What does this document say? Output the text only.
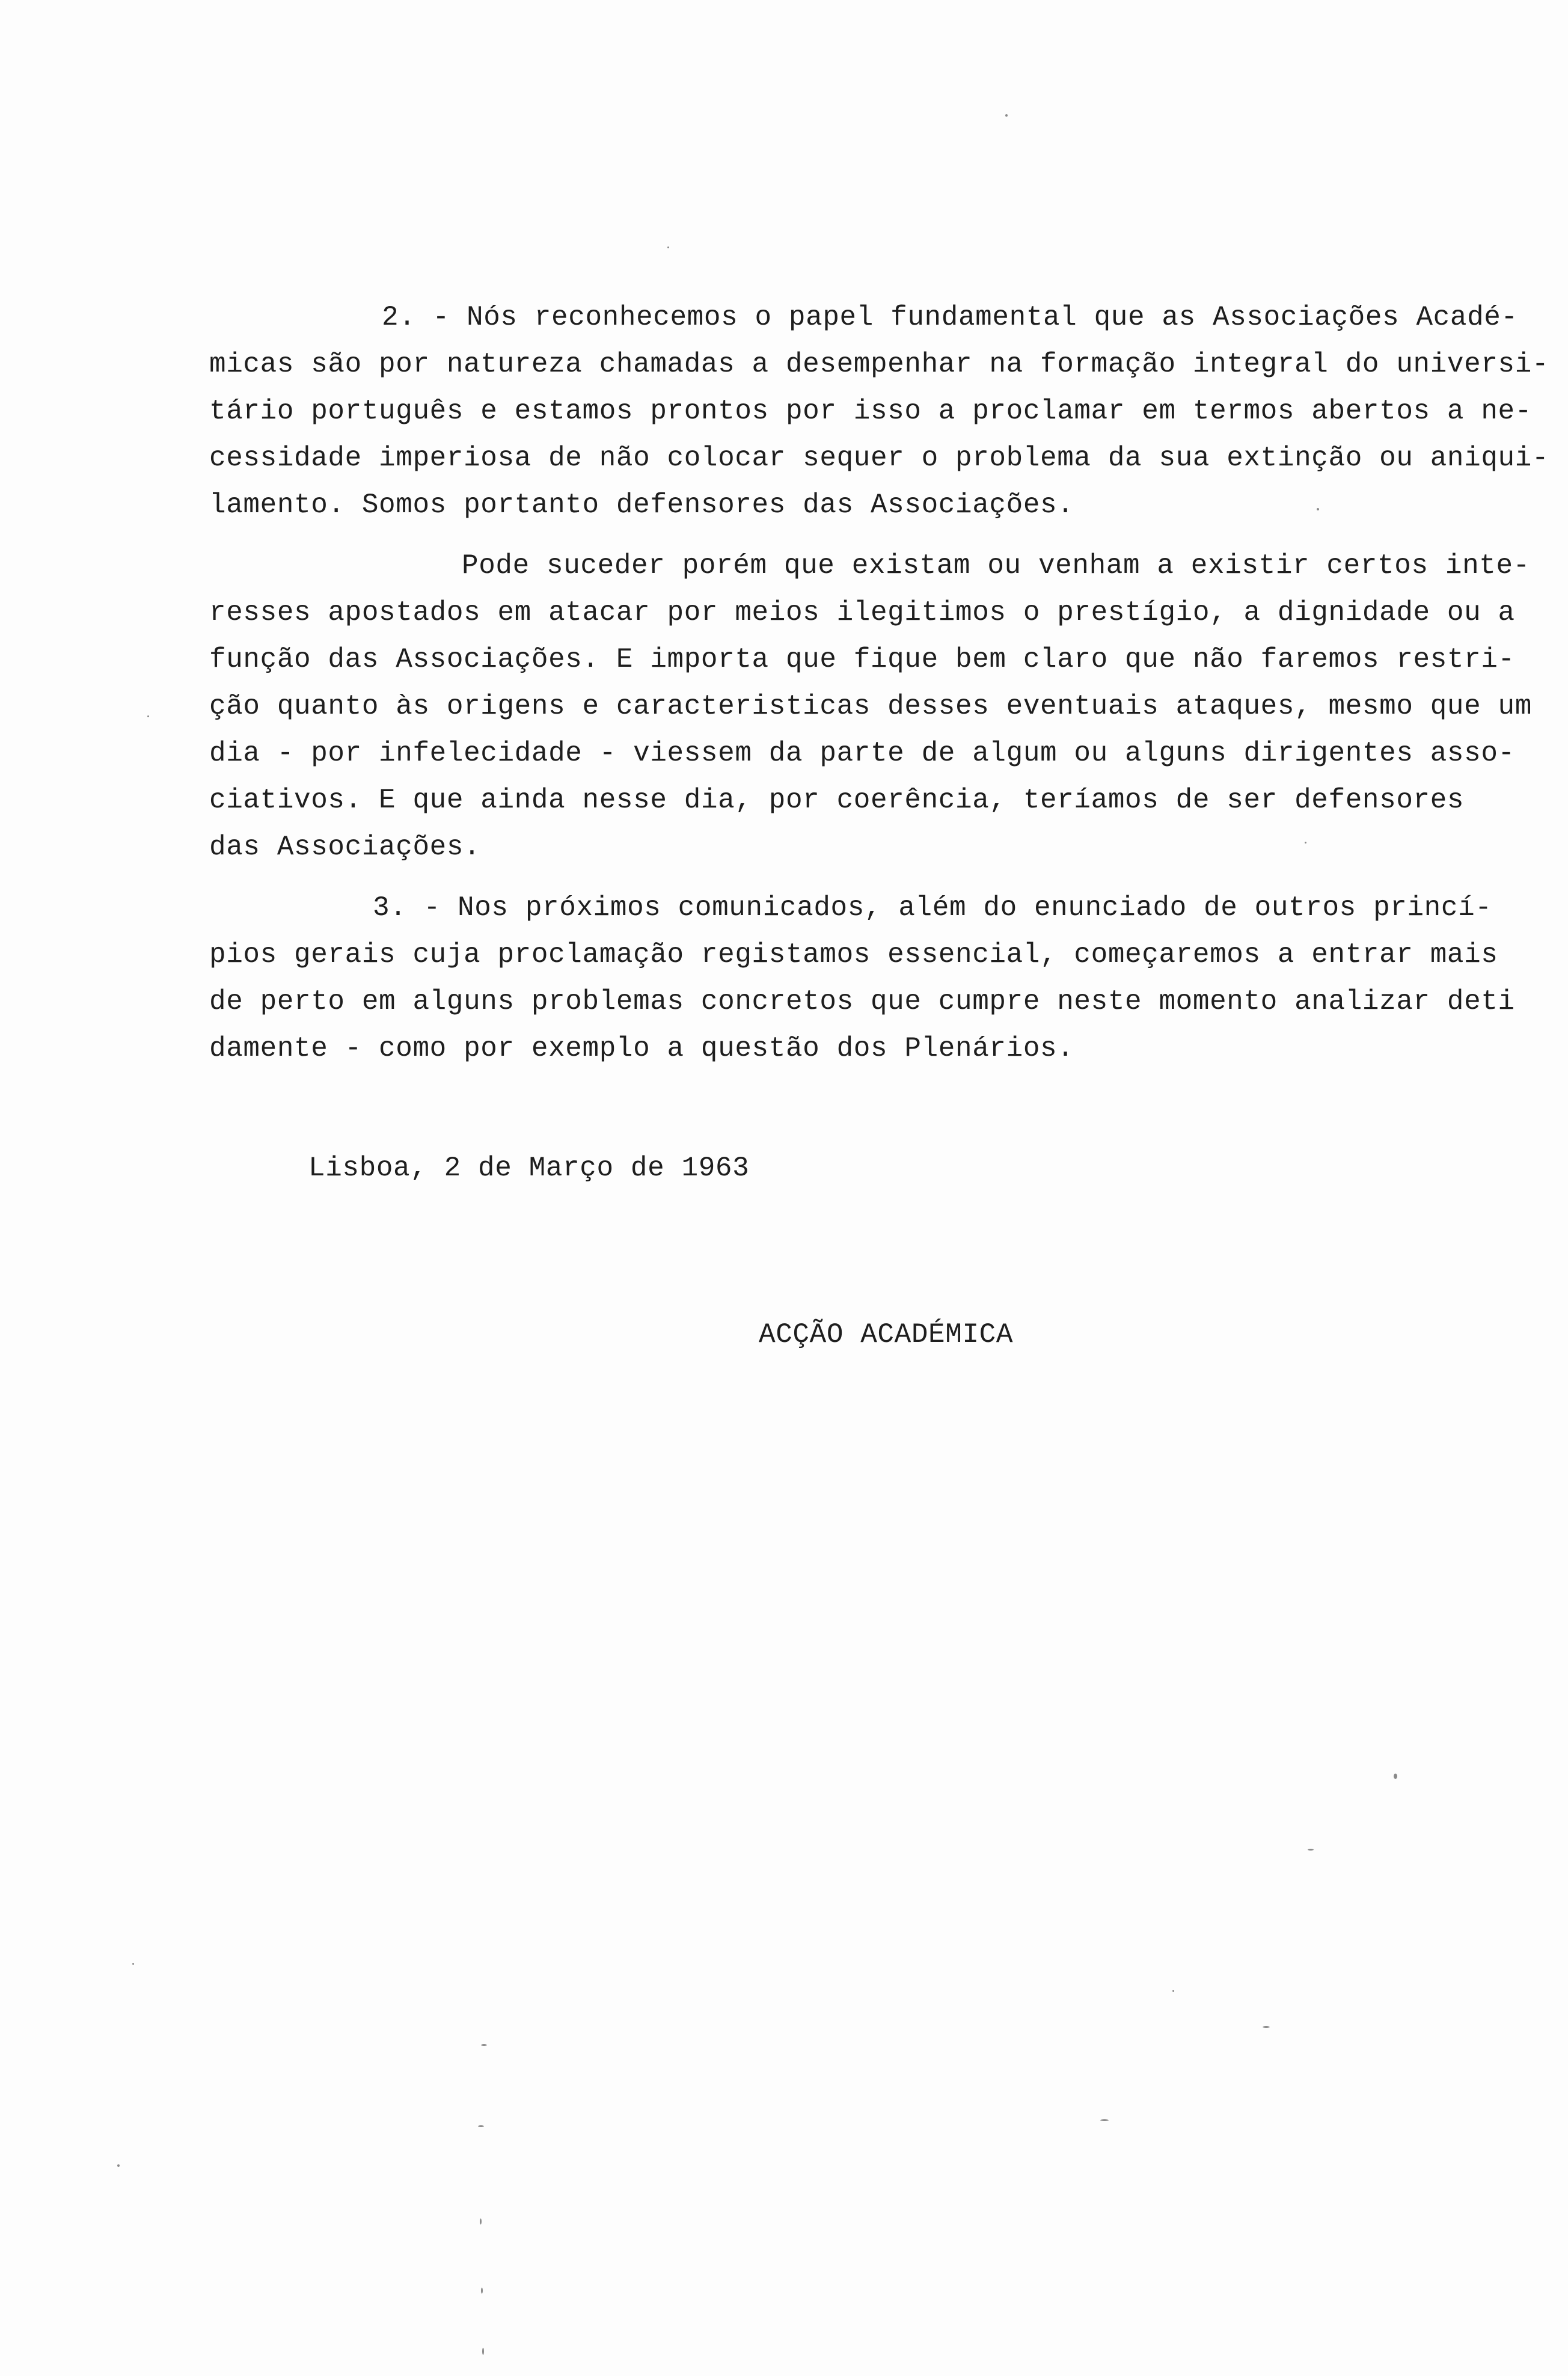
2. - Nós reconhecemos o papel fundamental que as Associações Acadé-
micas são por natureza chamadas a desempenhar na formação integral do universi-
tário português e estamos prontos por isso a proclamar em termos abertos a ne-
cessidade imperiosa de não colocar sequer o problema da sua extinção ou aniqui-
lamento. Somos portanto defensores das Associações.
Pode suceder porém que existam ou venham a existir certos inte-
resses apostados em atacar por meios ilegitimos o prestígio, a dignidade ou a
função das Associações. E importa que fique bem claro que não faremos restri-
ção quanto às origens e caracteristicas desses eventuais ataques, mesmo que um
dia - por infelecidade - viessem da parte de algum ou alguns dirigentes asso-
ciativos. E que ainda nesse dia, por coerência, teríamos de ser defensores
das Associações.
3. - Nos próximos comunicados, além do enunciado de outros princí-
pios gerais cuja proclamação registamos essencial, começaremos a entrar mais
de perto em alguns problemas concretos que cumpre neste momento analizar deti
damente - como por exemplo a questão dos Plenários.
Lisboa, 2 de Março de 1963
ACÇÃO ACADÉMICA
